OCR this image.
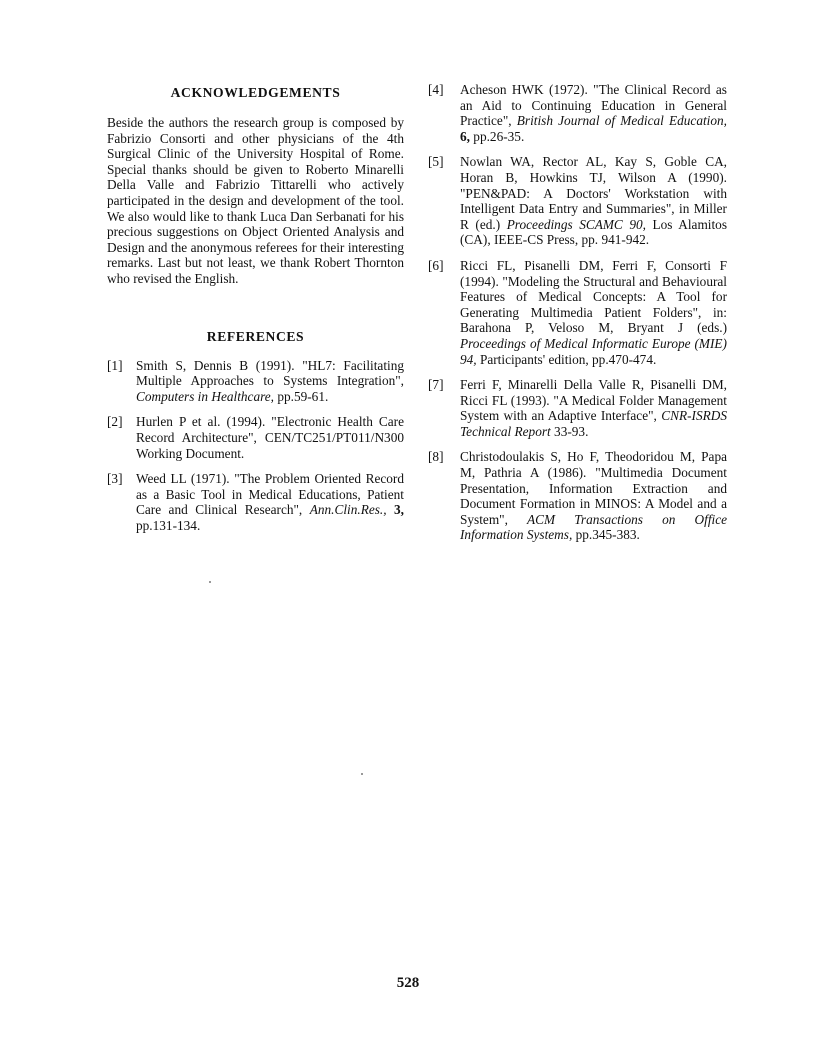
ACKNOWLEDGEMENTS

Beside the authors the research group is composed by Fabrizio Consorti and other physicians of the 4th Surgical Clinic of the University Hospital of Rome. Special thanks should be given to Roberto Minarelli Della Valle and Fabrizio Tittarelli who actively participated in the design and development of the tool. We also would like to thank Luca Dan Serbanati for his precious suggestions on Object Oriented Analysis and Design and the anonymous referees for their interesting remarks. Last but not least, we thank Robert Thornton who revised the English.

REFERENCES
[1] Smith S, Dennis B (1991). "HL7: Facilitating Multiple Approaches to Systems Integration", Computers in Healthcare, pp.59-61.
[2] Hurlen P et al. (1994). "Electronic Health Care Record Architecture", CEN/TC251/PT011/N300 Working Document.
[3] Weed LL (1971). "The Problem Oriented Record as a Basic Tool in Medical Educations, Patient Care and Clinical Research", Ann.Clin.Res., 3, pp.131-134.
[4] Acheson HWK (1972). "The Clinical Record as an Aid to Continuing Education in General Practice", British Journal of Medical Education, 6, pp.26-35.
[5] Nowlan WA, Rector AL, Kay S, Goble CA, Horan B, Howkins TJ, Wilson A (1990). "PEN&PAD: A Doctors' Workstation with Intelligent Data Entry and Summaries", in Miller R (ed.) Proceedings SCAMC 90, Los Alamitos (CA), IEEE-CS Press, pp. 941-942.
[6] Ricci FL, Pisanelli DM, Ferri F, Consorti F (1994). "Modeling the Structural and Behavioural Features of Medical Concepts: A Tool for Generating Multimedia Patient Folders", in: Barahona P, Veloso M, Bryant J (eds.) Proceedings of Medical Informatic Europe (MIE) 94, Participants' edition, pp.470-474.
[7] Ferri F, Minarelli Della Valle R, Pisanelli DM, Ricci FL (1993). "A Medical Folder Management System with an Adaptive Interface", CNR-ISRDS Technical Report 33-93.
[8] Christodoulakis S, Ho F, Theodoridou M, Papa M, Pathria A (1986). "Multimedia Document Presentation, Information Extraction and Document Formation in MINOS: A Model and a System", ACM Transactions on Office Information Systems, pp.345-383.
528
